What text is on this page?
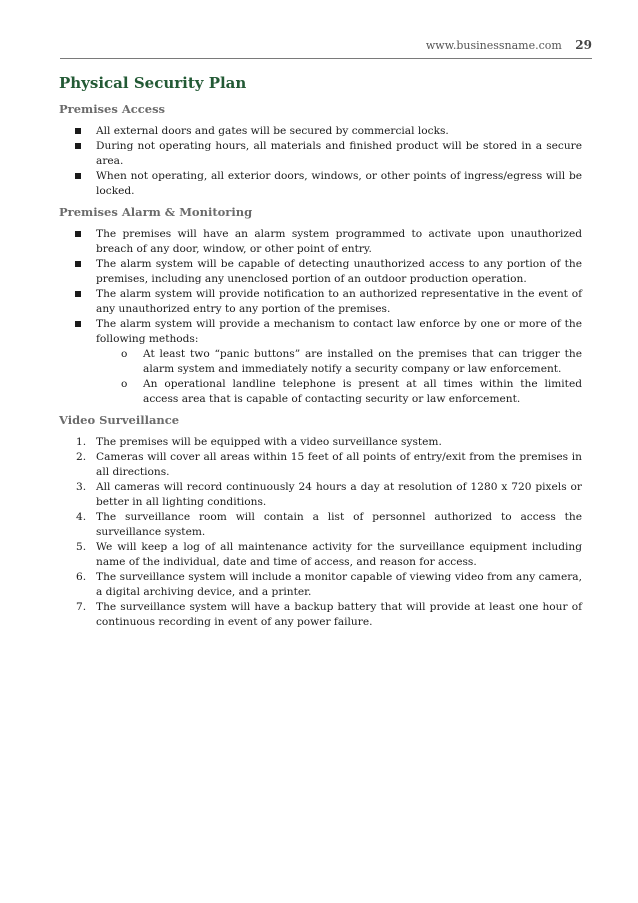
www.businessname.com 29
Physical Security Plan
Premises Access
All external doors and gates will be secured by commercial locks.
During not operating hours, all materials and finished product will be stored in a secure area.
When not operating, all exterior doors, windows, or other points of ingress/egress will be locked.
Premises Alarm & Monitoring
The premises will have an alarm system programmed to activate upon unauthorized breach of any door, window, or other point of entry.
The alarm system will be capable of detecting unauthorized access to any portion of the premises, including any unenclosed portion of an outdoor production operation.
The alarm system will provide notification to an authorized representative in the event of any unauthorized entry to any portion of the premises.
The alarm system will provide a mechanism to contact law enforce by one or more of the following methods:
o At least two “panic buttons” are installed on the premises that can trigger the alarm system and immediately notify a security company or law enforcement.
o An operational landline telephone is present at all times within the limited access area that is capable of contacting security or law enforcement.
Video Surveillance
1. The premises will be equipped with a video surveillance system.
2. Cameras will cover all areas within 15 feet of all points of entry/exit from the premises in all directions.
3. All cameras will record continuously 24 hours a day at resolution of 1280 x 720 pixels or better in all lighting conditions.
4. The surveillance room will contain a list of personnel authorized to access the surveillance system.
5. We will keep a log of all maintenance activity for the surveillance equipment including name of the individual, date and time of access, and reason for access.
6. The surveillance system will include a monitor capable of viewing video from any camera, a digital archiving device, and a printer.
7. The surveillance system will have a backup battery that will provide at least one hour of continuous recording in event of any power failure.
